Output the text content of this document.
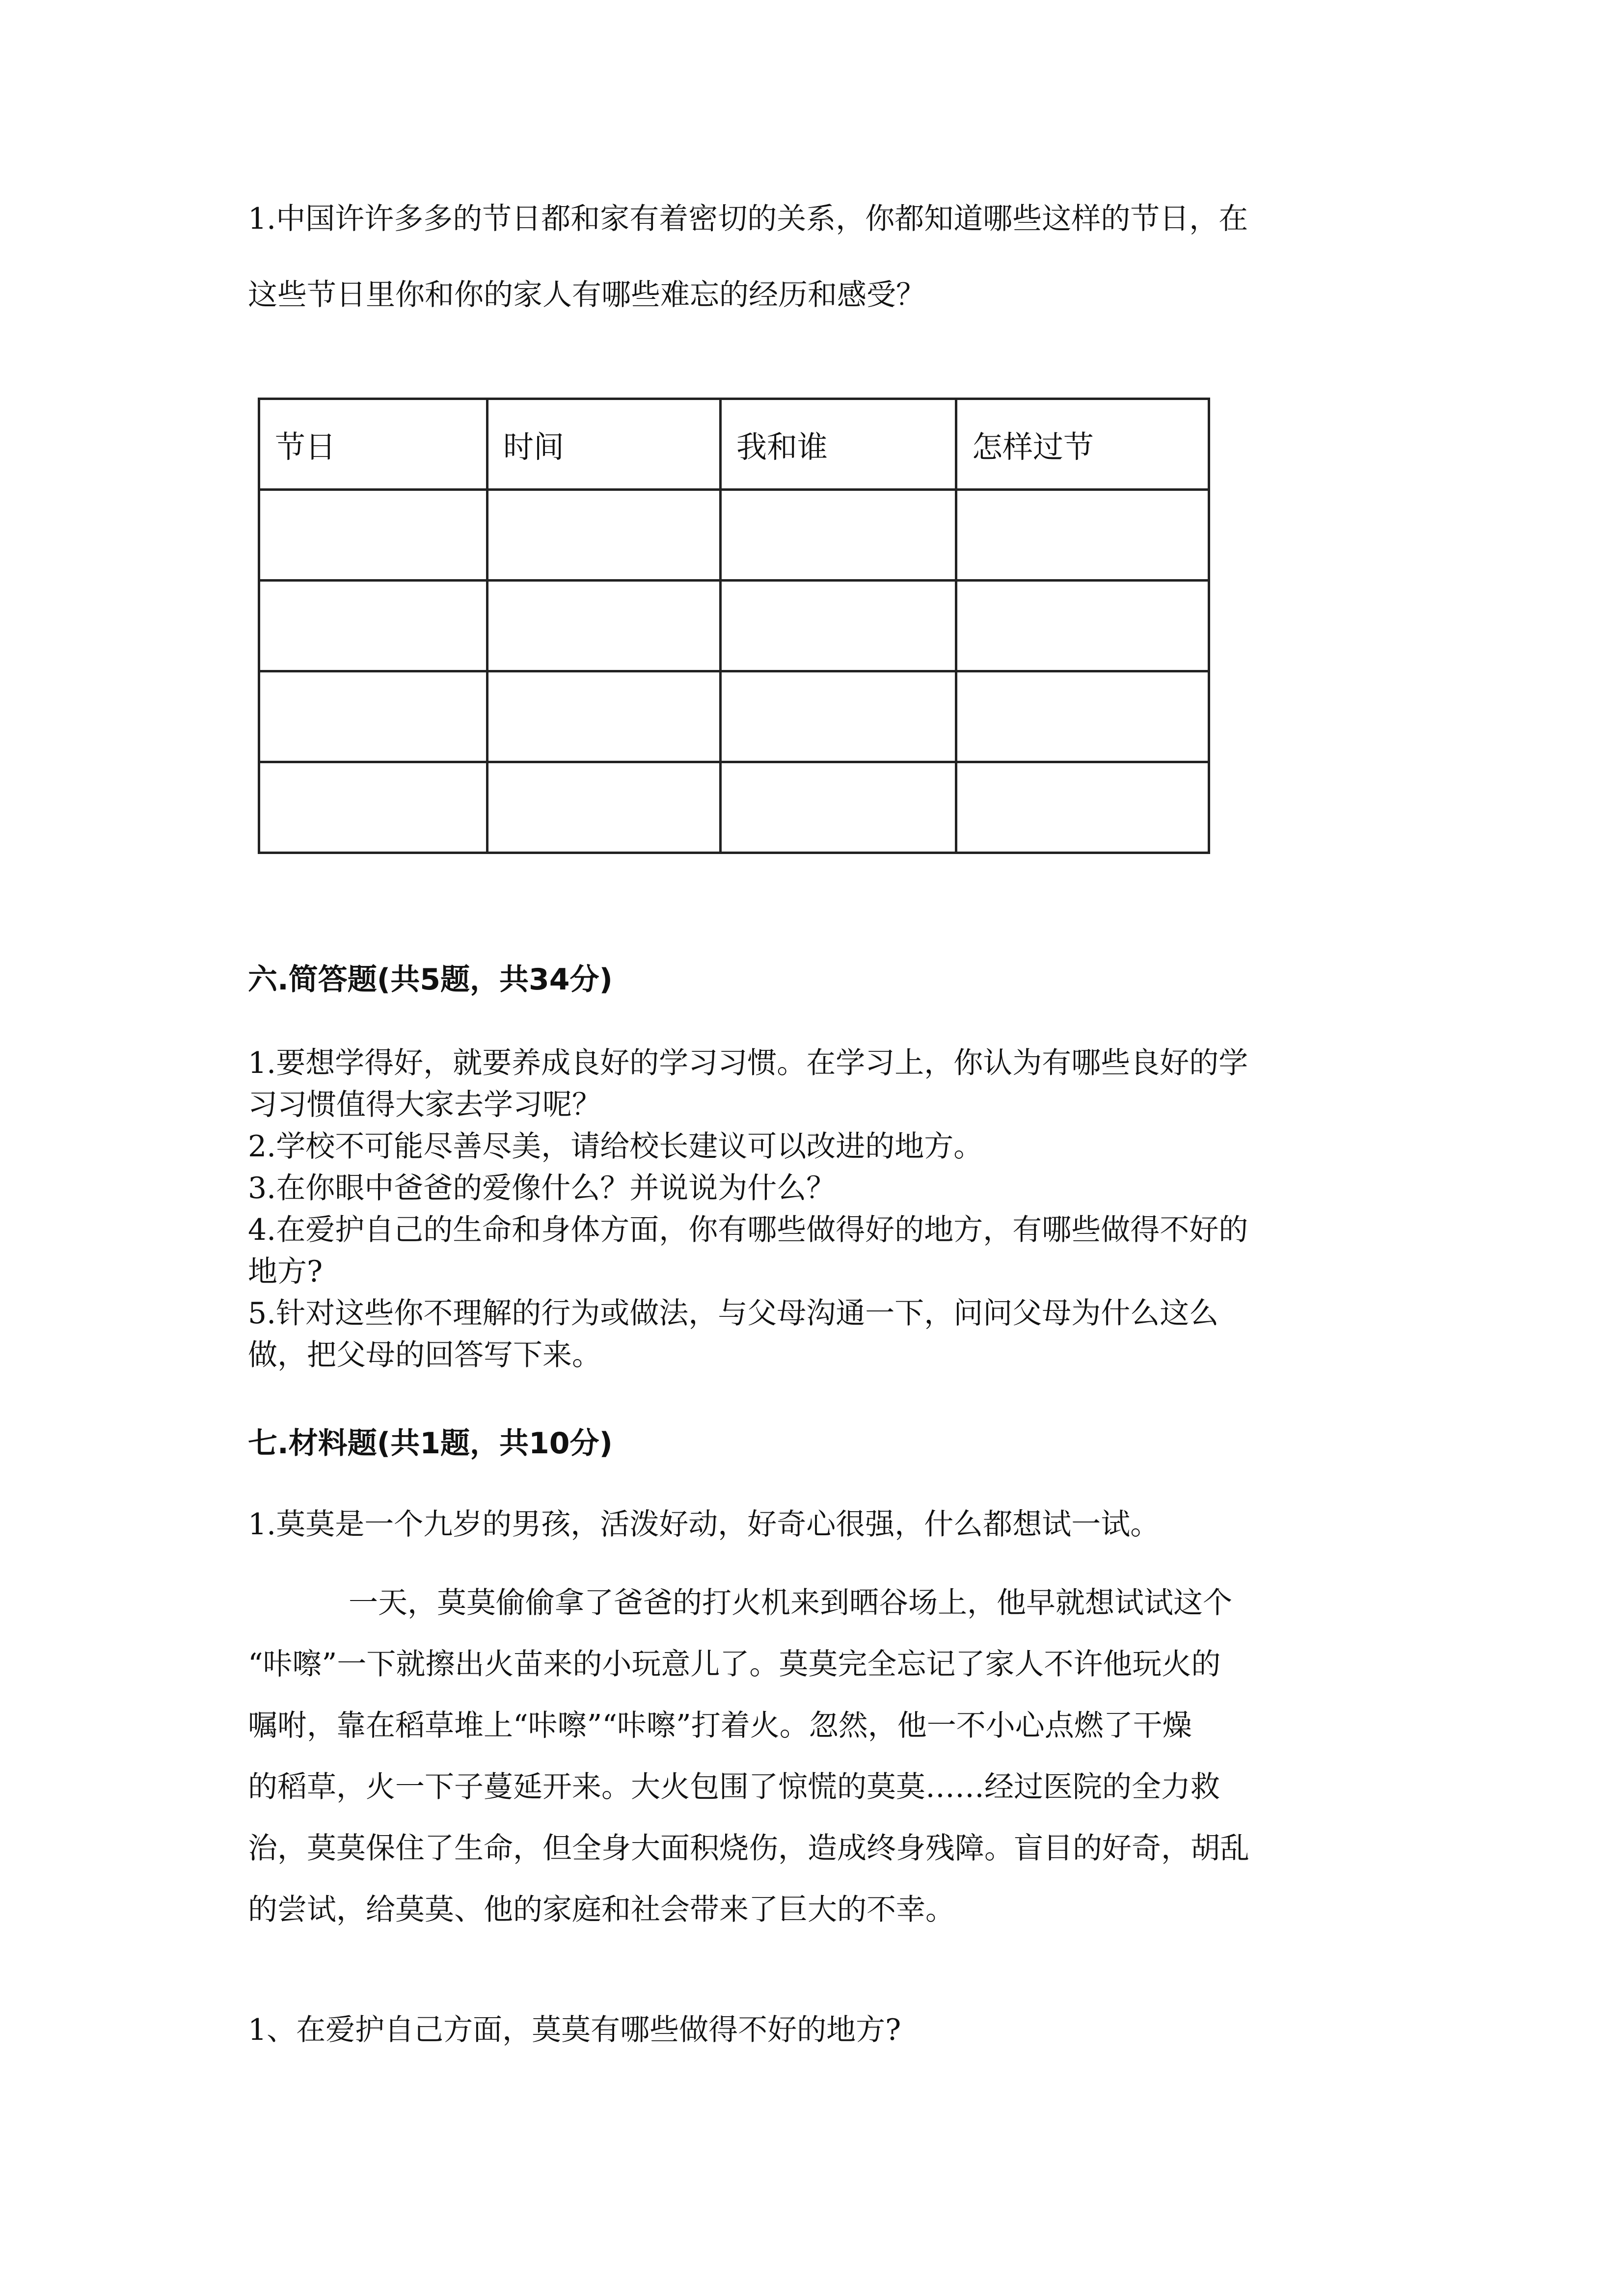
1.中国许许多多的节日都和家有着密切的关系，你都知道哪些这样的节日，在

这些节日里你和你的家人有哪些难忘的经历和感受？

节日	时间	我和谁	怎样过节

六.简答题(共5题，共34分)

1.要想学得好，就要养成良好的学习习惯。在学习上，你认为有哪些良好的学

习习惯值得大家去学习呢？

2.学校不可能尽善尽美，请给校长建议可以改进的地方。

3.在你眼中爸爸的爱像什么？并说说为什么？

4.在爱护自己的生命和身体方面，你有哪些做得好的地方，有哪些做得不好的

地方?

5.针对这些你不理解的行为或做法，与父母沟通一下，问问父母为什么这么

做，把父母的回答写下来。

七.材料题(共1题，共10分)

1.莫莫是一个九岁的男孩，活泼好动，好奇心很强，什么都想试一试。

一天，莫莫偷偷拿了爸爸的打火机来到晒谷场上，他早就想试试这个

“咔嚓”一下就擦出火苗来的小玩意儿了。莫莫完全忘记了家人不许他玩火的

嘱咐，靠在稻草堆上“咔嚓”“咔嚓”打着火。忽然，他一不小心点燃了干燥

的稻草，火一下子蔓延开来。大火包围了惊慌的莫莫……经过医院的全力救

治，莫莫保住了生命，但全身大面积烧伤，造成终身残障。盲目的好奇，胡乱

的尝试，给莫莫、他的家庭和社会带来了巨大的不幸。

1、在爱护自己方面，莫莫有哪些做得不好的地方?
